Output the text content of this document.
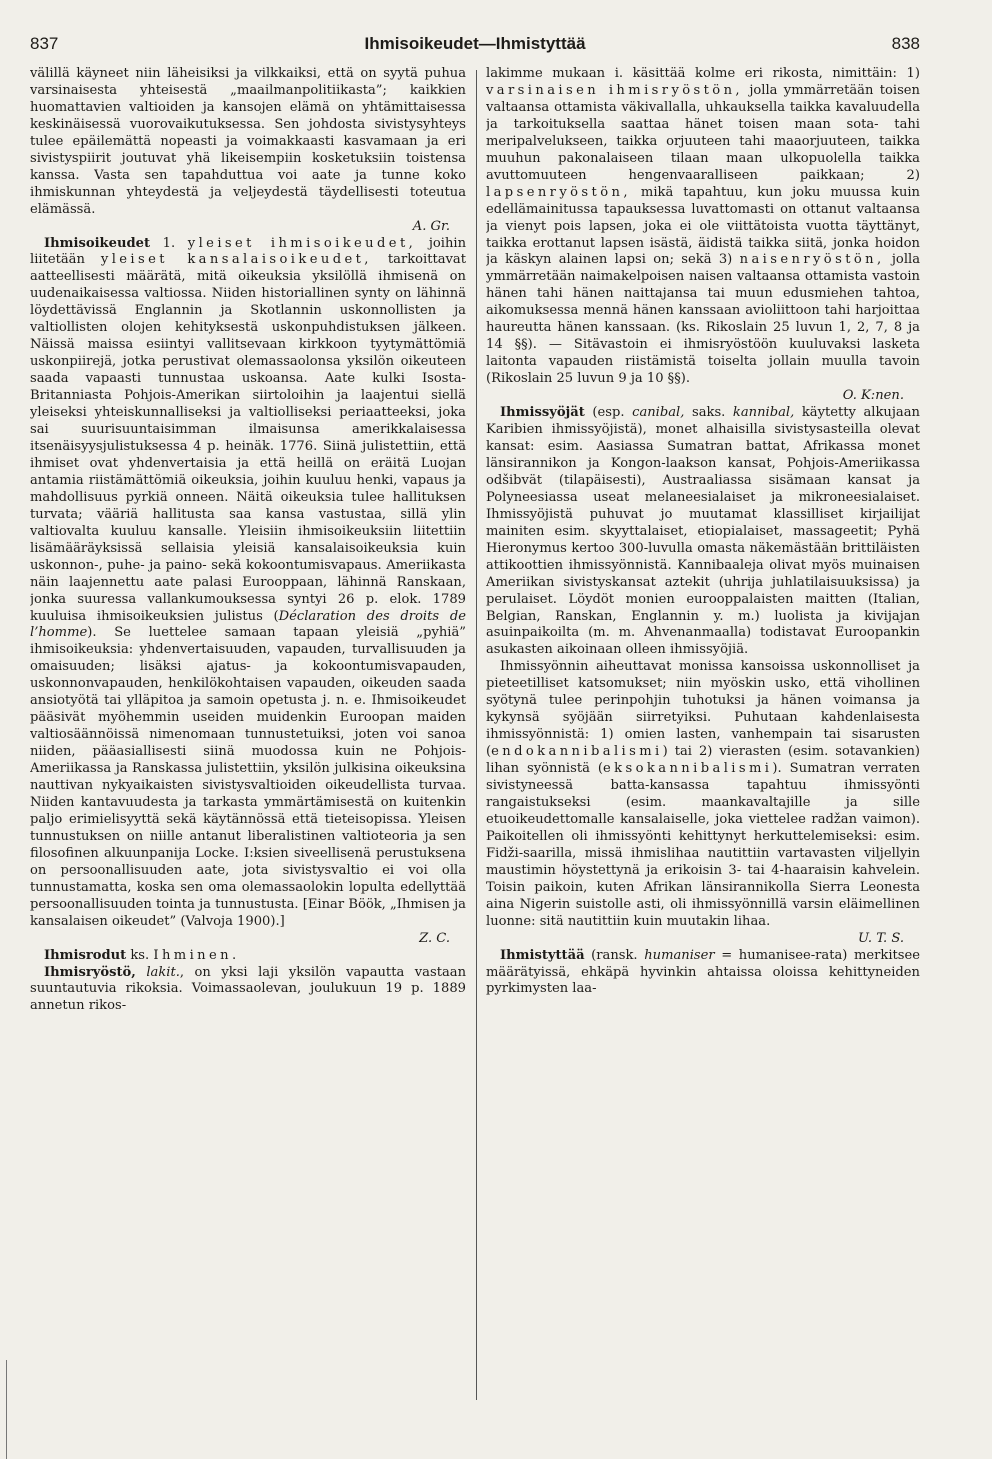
837	Ihmisoikeudet—Ihmistyttää	838

välillä käyneet niin läheisiksi ja vilkkaiksi, että on syytä puhua varsinaisesta yhteisestä „maailmanpolitiikasta”; kaikkien huomattavien valtioiden ja kansojen elämä on yhtämittaisessa keskinäisessä vuorovaikutuksessa. Sen johdosta sivistysyhteys tulee epäilemättä nopeasti ja voimakkaasti kasvamaan ja eri sivistyspiirit joutuvat yhä likeisempiin kosketuksiin toistensa kanssa. Vasta sen tapahduttua voi aate ja tunne koko ihmiskunnan yhteydestä ja veljeydestä täydellisesti toteutua elämässä.

A. Gr.

Ihmisoikeudet 1. yleiset ihmisoikeudet, joihin liitetään yleiset kansalaisoikeudet, tarkoittavat aatteellisesti määrätä, mitä oikeuksia yksilöllä ihmisenä on uudenaikaisessa valtiossa. Niiden historiallinen synty on lähinnä löydettävissä Englannin ja Skotlannin uskonnollisten ja valtiollisten olojen kehityksestä uskonpuhdistuksen jälkeen. Näissä maissa esiintyi vallitsevaan kirkkoon tyytymättömiä uskonpiirejä, jotka perustivat olemassaolonsa yksilön oikeuteen saada vapaasti tunnustaa uskoansa. Aate kulki Isosta-Britanniasta Pohjois-Amerikan siirtoloihin ja laajentui siellä yleiseksi yhteiskunnalliseksi ja valtiolliseksi periaatteeksi, joka sai suurisuuntaisimman ilmaisunsa amerikkalaisessa itsenäisyysjulistuksessa 4 p. heinäk. 1776. Siinä julistettiin, että ihmiset ovat yhdenvertaisia ja että heillä on eräitä Luojan antamia riistämättömiä oikeuksia, joihin kuuluu henki, vapaus ja mahdollisuus pyrkiä onneen. Näitä oikeuksia tulee hallituksen turvata; vääriä hallitusta saa kansa vastustaa, sillä ylin valtiovalta kuuluu kansalle. Yleisiin ihmisoikeuksiin liitettiin lisämääräyksissä sellaisia yleisiä kansalaisoikeuksia kuin uskonnon-, puhe- ja paino- sekä kokoontumisvapaus. Ameriikasta näin laajennettu aate palasi Eurooppaan, lähinnä Ranskaan, jonka suuressa vallankumouksessa syntyi 26 p. elok. 1789 kuuluisa ihmisoikeuksien julistus (Déclaration des droits de l’homme). Se luettelee samaan tapaan yleisiä „pyhiä” ihmisoikeuksia: yhdenvertaisuuden, vapauden, turvallisuuden ja omaisuuden; lisäksi ajatus- ja kokoontumisvapauden, uskonnonvapauden, henkilökohtaisen vapauden, oikeuden saada ansiotyötä tai ylläpitoa ja samoin opetusta j. n. e. Ihmisoikeudet pääsivät myöhemmin useiden muidenkin Euroopan maiden valtiosäännöissä nimenomaan tunnustetuiksi, joten voi sanoa niiden, pääasiallisesti siinä muodossa kuin ne Pohjois-Ameriikassa ja Ranskassa julistettiin, yksilön julkisina oikeuksina nauttivan nykyaikaisten sivistysvaltioiden oikeudellista turvaa. Niiden kantavuudesta ja tarkasta ymmärtämisestä on kuitenkin paljo erimielisyyttä sekä käytännössä että tieteisopissa. Yleisen tunnustuksen on niille antanut liberalistinen valtioteoria ja sen filosofinen alkuunpanija Locke. I:ksien siveellisenä perustuksena on persoonallisuuden aate, jota sivistysvaltio ei voi olla tunnustamatta, koska sen oma olemassaolokin lopulta edellyttää persoonallisuuden tointa ja tunnustusta. [Einar Böök, „Ihmisen ja kansalaisen oikeudet” (Valvoja 1900).]

Z. C.

Ihmisrodut ks. Ihminen.

Ihmisryöstö, lakit., on yksi laji yksilön vapautta vastaan suuntautuvia rikoksia. Voimassaolevan, joulukuun 19 p. 1889 annetun rikos-

lakimme mukaan i. käsittää kolme eri rikosta, nimittäin: 1) varsinaisen ihmisryöstön, jolla ymmärretään toisen valtaansa ottamista väkivallalla, uhkauksella taikka kavaluudella ja tarkoituksella saattaa hänet toisen maan sota- tahi meripalvelukseen, taikka orjuuteen tahi maaorjuuteen, taikka muuhun pakonalaiseen tilaan maan ulkopuolella taikka avuttomuuteen hengenvaaralliseen paikkaan; 2) lapsenryöstön, mikä tapahtuu, kun joku muussa kuin edellämainitussa tapauksessa luvattomasti on ottanut valtaansa ja vienyt pois lapsen, joka ei ole viittätoista vuotta täyttänyt, taikka erottanut lapsen isästä, äidistä taikka siitä, jonka hoidon ja käskyn alainen lapsi on; sekä 3) naisenryöstön, jolla ymmärretään naimakelpoisen naisen valtaansa ottamista vastoin hänen tahi hänen naittajansa tai muun edusmiehen tahtoa, aikomuksessa mennä hänen kanssaan avioliittoon tahi harjoittaa haureutta hänen kanssaan. (ks. Rikoslain 25 luvun 1, 2, 7, 8 ja 14 §§). — Sitävastoin ei ihmisryöstöön kuuluvaksi lasketa laitonta vapauden riistämistä toiselta jollain muulla tavoin (Rikoslain 25 luvun 9 ja 10 §§).

O. K:nen.

Ihmissyöjät (esp. canibal, saks. kannibal, käytetty alkujaan Karibien ihmissyöjistä), monet alhaisilla sivistysasteilla olevat kansat: esim. Aasiassa Sumatran battat, Afrikassa monet länsirannikon ja Kongon-laakson kansat, Pohjois-Ameriikassa odšibvät (tilapäisesti), Austraaliassa sisämaan kansat ja Polyneesiassa useat melaneesialaiset ja mikroneesialaiset. Ihmissyöjistä puhuvat jo muutamat klassilliset kirjailijat mainiten esim. skyyttalaiset, etiopialaiset, massageetit; Pyhä Hieronymus kertoo 300-luvulla omasta näkemästään brittiläisten attikoottien ihmissyönnistä. Kannibaaleja olivat myös muinaisen Ameriikan sivistyskansat aztekit (uhrija juhlatilaisuuksissa) ja perulaiset. Löydöt monien eurooppalaisten maitten (Italian, Belgian, Ranskan, Englannin y. m.) luolista ja kivijajan asuinpaikoilta (m. m. Ahvenanmaalla) todistavat Euroopankin asukasten aikoinaan olleen ihmissyöjiä.

Ihmissyönnin aiheuttavat monissa kansoissa uskonnolliset ja pieteetilliset katsomukset; niin myöskin usko, että vihollinen syötynä tulee perinpohjin tuhotuksi ja hänen voimansa ja kykynsä syöjään siirretyiksi. Puhutaan kahdenlaisesta ihmissyönnistä: 1) omien lasten, vanhempain tai sisarusten (endokannibalismi) tai 2) vierasten (esim. sotavankien) lihan syönnistä (eksokannibalismi). Sumatran verraten sivistyneessä batta-kansassa tapahtuu ihmissyönti rangaistukseksi (esim. maankavaltajille ja sille etuoikeudettomalle kansalaiselle, joka viettelee radžan vaimon). Paikoitellen oli ihmissyönti kehittynyt herkuttelemiseksi: esim. Fidži-saarilla, missä ihmislihaa nautittiin vartavasten viljellyin maustimin höystettynä ja erikoisin 3- tai 4-haaraisin kahvelein. Toisin paikoin, kuten Afrikan länsirannikolla Sierra Leonesta aina Nigerin suistolle asti, oli ihmissyönnillä varsin eläimellinen luonne: sitä nautittiin kuin muutakin lihaa.

U. T. S.

Ihmistyttää (ransk. humaniser = humanisee-rata) merkitsee määrätyissä, ehkäpä hyvinkin ahtaissa oloissa kehittyneiden pyrkimysten laa-
